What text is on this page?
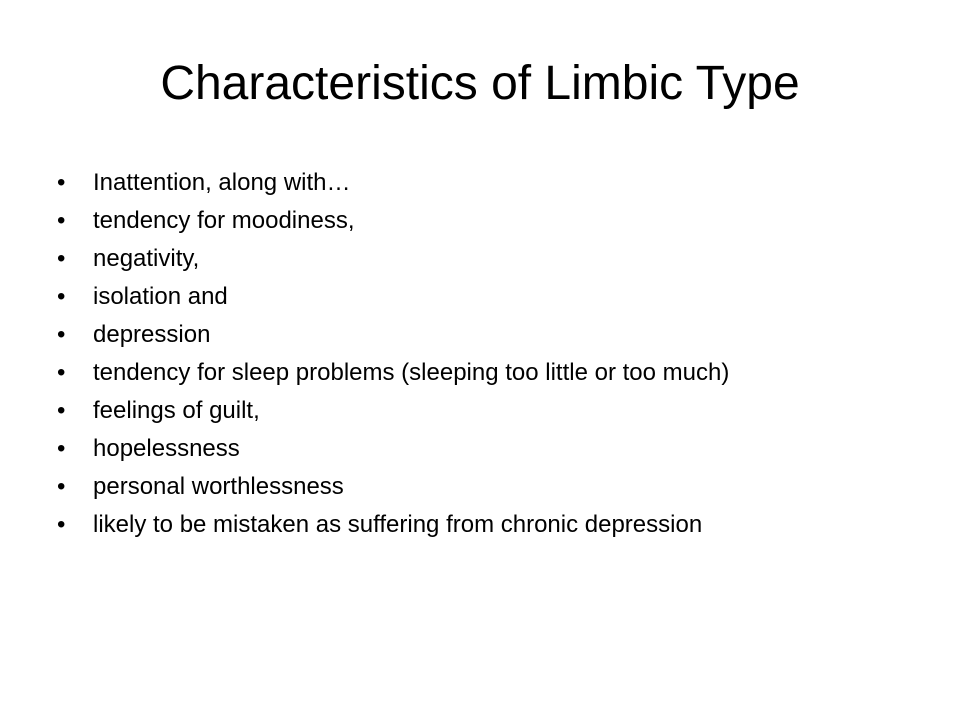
Characteristics of Limbic Type
•	Inattention, along with…
•	tendency for moodiness,
•	negativity,
•	isolation and
•	depression
•	tendency for sleep problems (sleeping too little or too much)
•	feelings of guilt,
•	hopelessness
•	personal worthlessness
•	likely to be mistaken as suffering from chronic depression
